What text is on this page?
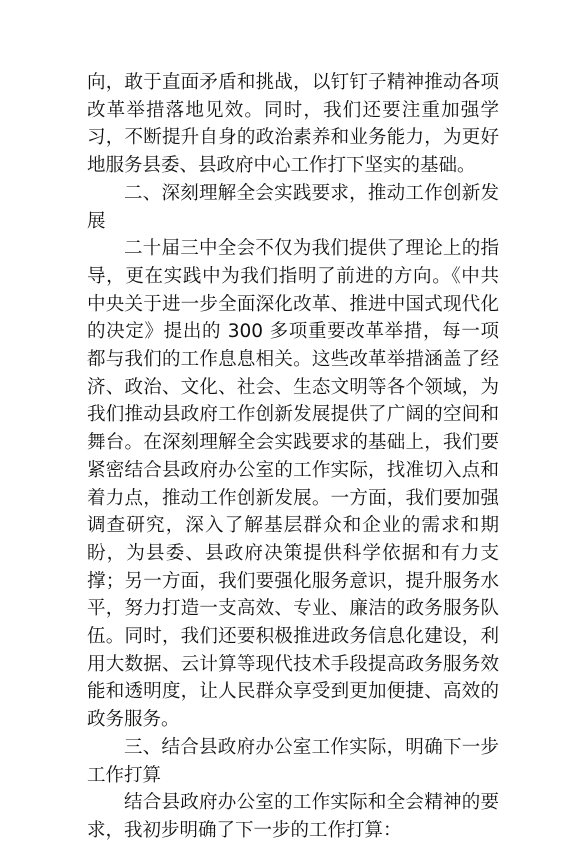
向，敢于直面矛盾和挑战，以钉钉子精神推动各项改革举措落地见效。同时，我们还要注重加强学习，不断提升自身的政治素养和业务能力，为更好地服务县委、县政府中心工作打下坚实的基础。

二、深刻理解全会实践要求，推动工作创新发展

二十届三中全会不仅为我们提供了理论上的指导，更在实践中为我们指明了前进的方向。《中共中央关于进一步全面深化改革、推进中国式现代化的决定》提出的 300 多项重要改革举措，每一项都与我们的工作息息相关。这些改革举措涵盖了经济、政治、文化、社会、生态文明等各个领域，为我们推动县政府工作创新发展提供了广阔的空间和舞台。在深刻理解全会实践要求的基础上，我们要紧密结合县政府办公室的工作实际，找准切入点和着力点，推动工作创新发展。一方面，我们要加强调查研究，深入了解基层群众和企业的需求和期盼，为县委、县政府决策提供科学依据和有力支撑；另一方面，我们要强化服务意识，提升服务水平，努力打造一支高效、专业、廉洁的政务服务队伍。同时，我们还要积极推进政务信息化建设，利用大数据、云计算等现代技术手段提高政务服务效能和透明度，让人民群众享受到更加便捷、高效的政务服务。

三、结合县政府办公室工作实际，明确下一步工作打算

结合县政府办公室的工作实际和全会精神的要求，我初步明确了下一步的工作打算：
